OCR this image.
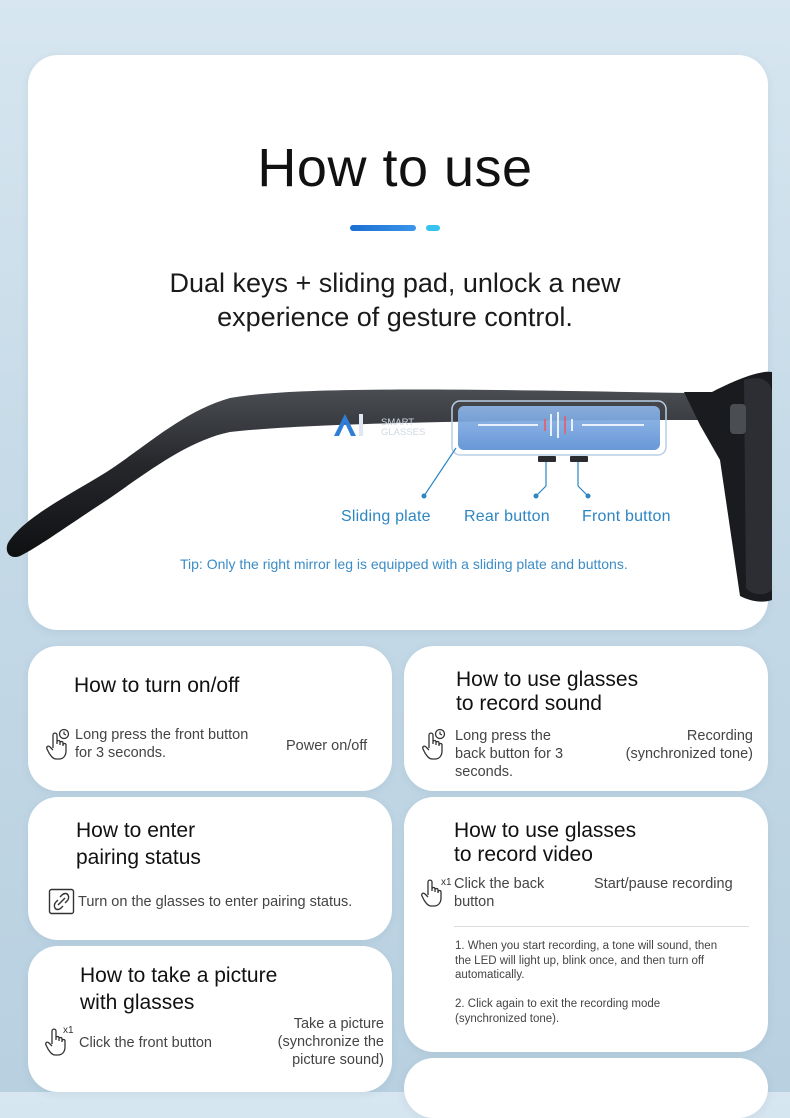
How to use
Dual keys + sliding pad, unlock a new
experience of gesture control.
SMART
GLASSES
Sliding plate Rear button Front button
Tip: Only the right mirror leg is equipped with a sliding plate and buttons.
How to turn on/off
Long press the front button
for 3 seconds.	Power on/off
How to use glasses
to record sound
Long press the
back button for 3
seconds.
Recording
(synchronized tone)
How to enter
pairing status
Turn on the glasses to enter pairing status.
How to use glasses
to record video
x1 Click the back
button
Start/pause recording
1. When you start recording, a tone will sound, then
the LED will light up, blink once, and then turn off
automatically.
2. Click again to exit the recording mode
(synchronized tone).
How to take a picture
with glasses
x1
Click the front button
Take a picture
(synchronize the
picture sound)
